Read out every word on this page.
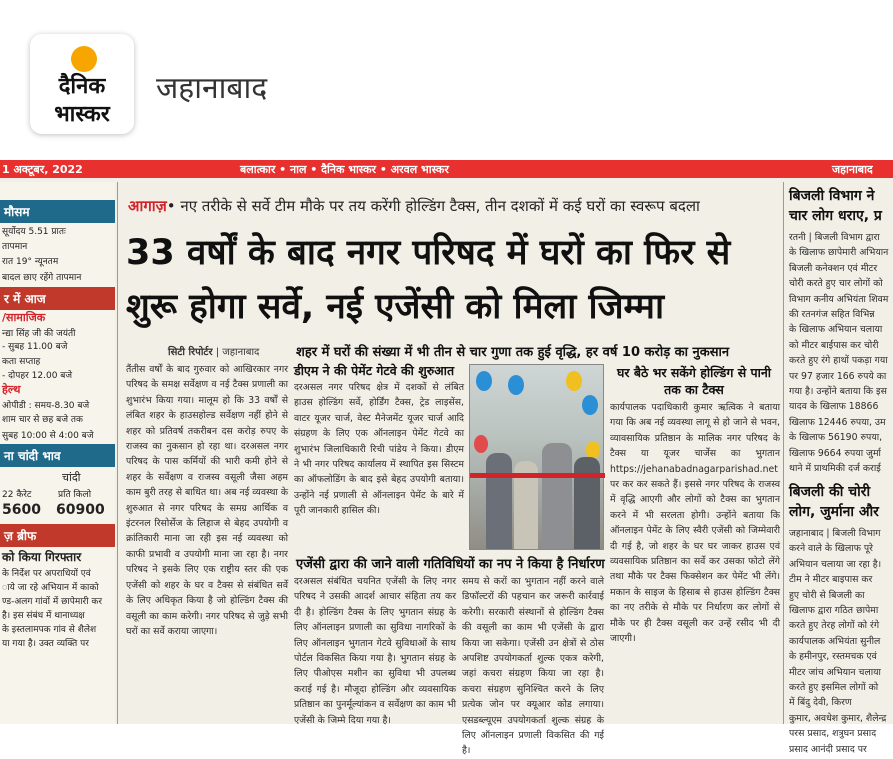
दैनिक
भास्कर
जहानाबाद
1 अक्टूबर, 2022	बलात्कार • नाल • दैनिक भास्कर • अरवल भास्कर	जहानाबाद
मौसम
सूर्योदय 5.51 प्रातः
तापमान
रात 19° न्यूनतम
बादल छाए रहेंगे तापमान
र में आज
/सामाजिक
न्द्या सिंह जी की जयंती
- सुबह 11.00 बजे
कता सप्ताह
- दोपहर 12.00 बजे
हेल्थ
ओपीडी : समय-8.30 बजे
शाम चार से छह बजे तक
सुबह 10:00 से 4:00 बजे
ना चांदी भाव
चांदी
22 कैरेट	प्रति किलो
5600	60900
ज़ ब्रीफ
को किया गिरफ्तार
के निर्देश पर अपराधियों एवं
ाये जा रहे अभियान में काको
ण्ड-अलग गांवों में छापेमारी कर
है। इस संबंध में थानाध्यक्ष
के इस्तलामपक गांव से शैलेश
या गया है। उक्त व्यक्ति पर
आगाज़• नए तरीके से सर्वे टीम मौके पर तय करेंगी होल्डिंग टैक्स, तीन दशकों में कई घरों का स्वरूप बदला
33 वर्षों के बाद नगर परिषद में घरों का फिर से शुरू होगा सर्वे, नई एजेंसी को मिला जिम्मा
सिटी रिपोर्टर | जहानाबाद	शहर में घरों की संख्या में भी तीन से चार गुणा तक हुई वृद्धि, हर वर्ष 10 करोड़ का नुकसान
तैंतीस वर्षों के बाद गुरुवार को आखिरकार नगर परिषद के समक्ष सर्वेक्षण व नई टैक्स प्रणाली का शुभारंभ किया गया। मालूम हो कि 33 वर्षों से लंबित शहर के हाउसहोल्ड सर्वेक्षण नहीं होने से शहर को प्रतिवर्ष तकरीबन दस करोड़ रुपए के राजस्व का नुकसान हो रहा था। दरअसल नगर परिषद के पास कर्मियों की भारी कमी होने से शहर के सर्वेक्षण व राजस्व वसूली जैसा अहम काम बुरी तरह से बाधित था। अब नई व्यवस्था के शुरुआत से नगर परिषद के समग्र आर्थिक व इंटरनल रिसोर्सेज के लिहाज से बेहद उपयोगी व क्रांतिकारी माना जा रही इस नई व्यवस्था को काफी प्रभावी व उपयोगी माना जा रहा है। नगर परिषद ने इसके लिए एक राष्ट्रीय स्तर की एक एजेंसी को शहर के घर व टैक्स से संबंधित सर्वे के लिए अधिकृत किया है जो होल्डिंग टैक्स की वसूली का काम करेगी। नगर परिषद से जुड़े सभी घरों का सर्वे कराया जाएगा।
डीएम ने की पेमेंट गेटवे की शुरुआत
दरअसल नगर परिषद क्षेत्र में दशकों से लंबित हाउस होल्डिंग सर्वे, होर्डिंग टैक्स, ट्रेड लाइसेंस, वाटर यूजर चार्ज, वेस्ट मैनेजमेंट यूजर चार्ज आदि संग्रहण के लिए एक ऑनलाइन पेमेंट गेटवे का शुभारंभ जिलाधिकारी रिची पांडेय ने किया। डीएम ने भी नगर परिषद कार्यालय में स्थापित इस सिस्टम का ऑफलोडिंग के बाद इसे बेहद उपयोगी बताया। उन्होंने नई प्रणाली से ऑनलाइन पेमेंट के बारे में पूरी जानकारी हासिल की।
घर बैठे भर सकेंगे होल्डिंग से पानी तक का टैक्स
कार्यपालक पदाधिकारी कुमार ऋत्विक ने बताया गया कि अब नई व्यवस्था लागू से हो जाने से भवन, व्यावसायिक प्रतिष्ठान के मालिक नगर परिषद के टैक्स या यूजर चार्जेस का भुगतान https://jehanabadnagarparishad.net पर कर कर सकते हैं। इससे नगर परिषद के राजस्व में वृद्धि आएगी और लोगों को टैक्स का भुगतान करने में भी सरलता होगी। उन्होंने बताया कि ऑनलाइन पेमेंट के लिए स्वैरी एजेंसी को जिम्मेवारी दी गई है, जो शहर के घर घर जाकर हाउस एवं व्यवसायिक प्रतिष्ठान का सर्वे कर उसका फोटो लेंगे तथा मौके पर टैक्स फिक्सेशन कर पेमेंट भी लेंगे। मकान के साइज के हिसाब से हाउस होल्डिंग टैक्स का नए तरीके से मौके पर निर्धारण कर लोगों से मौके पर ही टैक्स वसूली कर उन्हें रसीद भी दी जाएगी।
एजेंसी द्वारा की जाने वाली गतिविधियों का नप ने किया है निर्धारण
दरअसल संबंधित चयनित एजेंसी के लिए नगर परिषद ने उसकी आदर्श आचार संहिता तय कर दी है। होल्डिंग टैक्स के लिए भुगतान संग्रह के लिए ऑनलाइन प्रणाली का सुविधा नागरिकों के लिए ऑनलाइन भुगतान गेटवे सुविधाओं के साथ पोर्टल विकसित किया गया है। भुगतान संग्रह के लिए पीओएस मशीन का सुविधा भी उपलब्ध कराई गई है। मौजूदा होल्डिंग और व्यवसायिक प्रतिष्ठान का पुनर्मूल्यांकन व सर्वेक्षण का काम भी एजेंसी के जिम्मे दिया गया है।
समय से करों का भुगतान नहीं करने वाले डिफॉल्टरों की पहचान कर जरूरी कार्रवाई करेगी। सरकारी संस्थानों से होल्डिंग टैक्स की वसूली का काम भी एजेंसी के द्वारा किया जा सकेगा। एजेंसी उन क्षेत्रों से ठोस अपशिष्ट उपयोगकर्ता शुल्क एकत्र करेगी, जहां कचरा संग्रहण किया जा रहा है। कचरा संग्रहण सुनिश्चित करने के लिए प्रत्येक जोन पर क्यूआर कोड लगाया। एसडब्ल्यूएम उपयोगकर्ता शुल्क संग्रह के लिए ऑनलाइन प्रणाली विकसित की गई है।
बिजली विभाग ने
चार लोग धराए, प्र
रतनी | बिजली विभाग द्वारा
के खिलाफ छापेमारी अभियान
बिजली कनेक्शन एवं मीटर
चोरी करते हुए चार लोगों को
विभाग कनीय अभियंता शिवम
की रतनगंज सहित विभिन्न
के खिलाफ अभियान चलाया
को मीटर बाईपास कर चोरी
करते हुए रंगे हाथों पकड़ा गया
पर 97 हजार 166 रुपये का
गया है। उन्होंने बताया कि इस
यादव के खिलाफ 18866
खिलाफ 12446 रुपया, उम
के खिलाफ 56190 रुपया,
खिलाफ 9664 रुपया जुर्मा
थाने में प्राथमिकी दर्ज कराई
बिजली की चोरी
लोग, जुर्माना और
जहानाबाद | बिजली विभाग
करने वाले के खिलाफ पूरे
अभियान चलाया जा रहा है।
टीम ने मीटर बाइपास कर
हुए चोरी से बिजली का
खिलाफ द्वारा गठित छापेमा
करते हुए तेरह लोगों को रंगे
कार्यपालक अभियंता सुनील
के हमीनपुर, रस्तमचक एवं
मीटर जांच अभियान चलाया
करते हुए इसमिल लोगों को
में बिंदु देवी, किरण
कुमार, अवधेश कुमार, शैलेन्द्र
परस प्रसाद, शत्रुघन प्रसाद
प्रसाद आनंदी प्रसाद पर
